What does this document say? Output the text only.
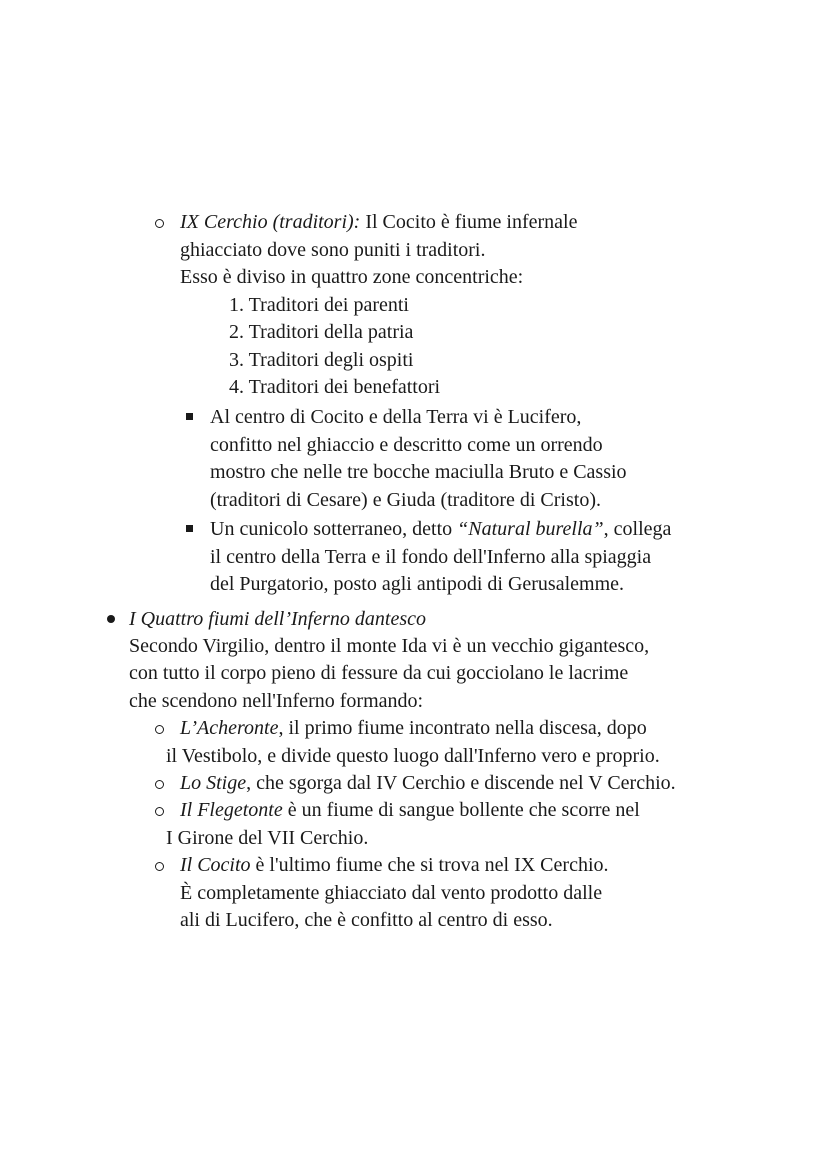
IX Cerchio (traditori): Il Cocito è fiume infernale
ghiacciato dove sono puniti i traditori.
Esso è diviso in quattro zone concentriche:
1. Traditori dei parenti
2. Traditori della patria
3. Traditori degli ospiti
4. Traditori dei benefattori
Al centro di Cocito e della Terra vi è Lucifero,
confitto nel ghiaccio e descritto come un orrendo
mostro che nelle tre bocche maciulla Bruto e Cassio
(traditori di Cesare) e Giuda (traditore di Cristo).
Un cunicolo sotterraneo, detto “Natural burella”, collega
il centro della Terra e il fondo dell'Inferno alla spiaggia
del Purgatorio, posto agli antipodi di Gerusalemme.
I Quattro fiumi dell’Inferno dantesco
Secondo Virgilio, dentro il monte Ida vi è un vecchio gigantesco,
con tutto il corpo pieno di fessure da cui gocciolano le lacrime
che scendono nell'Inferno formando:
L’Acheronte, il primo fiume incontrato nella discesa, dopo
il Vestibolo, e divide questo luogo dall'Inferno vero e proprio.
Lo Stige, che sgorga dal IV Cerchio e discende nel V Cerchio.
Il Flegetonte è un fiume di sangue bollente che scorre nel
I Girone del VII Cerchio.
Il Cocito è l'ultimo fiume che si trova nel IX Cerchio.
È completamente ghiacciato dal vento prodotto dalle
ali di Lucifero, che è confitto al centro di esso.
